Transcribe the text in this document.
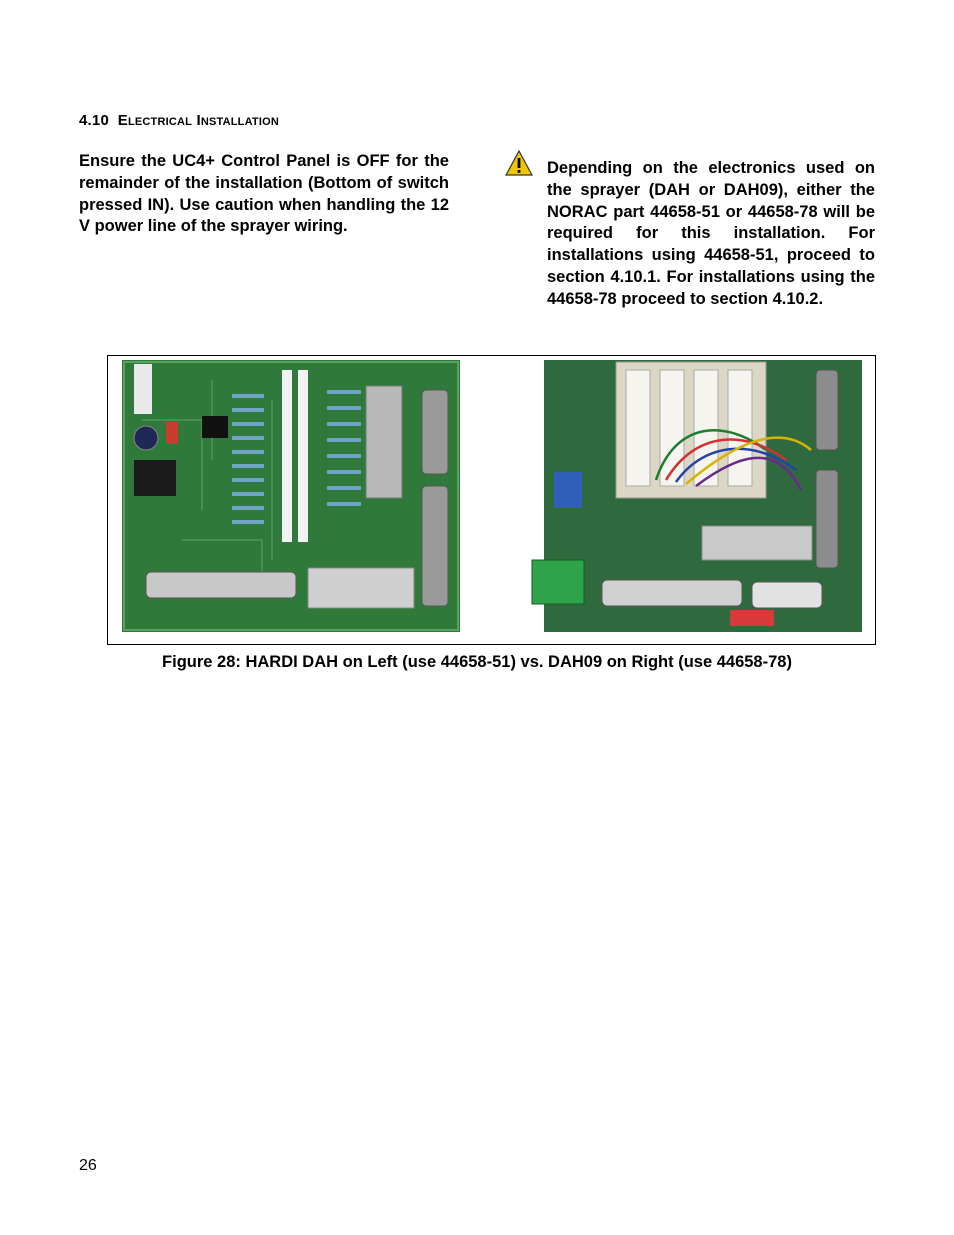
4.10 Electrical Installation
Ensure the UC4+ Control Panel is OFF for the remainder of the installation (Bottom of switch pressed IN). Use caution when handling the 12 V power line of the sprayer wiring.
Depending on the electronics used on the sprayer (DAH or DAH09), either the NORAC part 44658-51 or 44658-78 will be required for this installation. For installations using 44658-51, proceed to section 4.10.1. For installations using the 44658-78 proceed to section 4.10.2.
Figure 28: HARDI DAH on Left (use 44658-51) vs. DAH09 on Right (use 44658-78)
26
